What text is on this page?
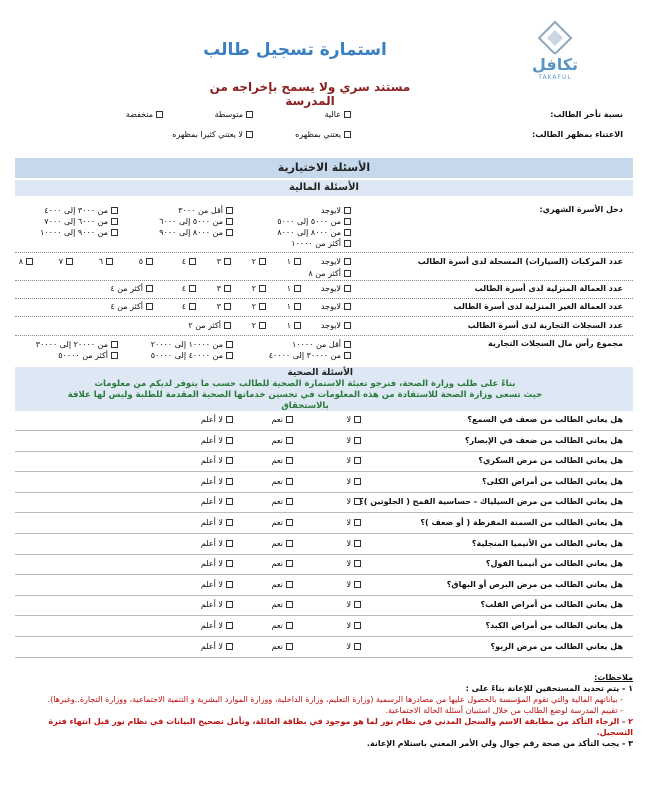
تكافل
TAKAFUL
استمارة تسجيل طالب
مستند سري ولا يسمح بإخراجه من المدرسة
نسبة تأخر الطالب:
عالية
متوسطة
منخفضة
الاعتناء بمظهر الطالب:
يعتني بمظهره
لا يعتني كثيرا بمظهره
الأسئلة الاختيارية
الأسئلة المالية
دخل الأسرة الشهري:
لايوجد
من ٥٠٠٠ إلى ٥٠٠٠
من ٨٠٠٠ إلى ٨٠٠٠
أكثر من ١٠٠٠٠
أقل من ٣٠٠٠
من ٥٠٠٠ إلى ٦٠٠٠
من ٨٠٠٠ إلى ٩٠٠٠
من ٣٠٠٠ إلى ٤٠٠٠
من ٦٠٠٠ إلى ٧٠٠٠
من ٩٠٠٠ إلى ١٠٠٠٠
عدد المركبات (السيارات) المسجلة لدى أسرة الطالب
لايوجد
١
٢
٣
٤
٥
٦
٧
٨
أكثر من ٨
عدد العمالة المنزلية لدى أسرة الطالب
لايوجد
١
٢
٣
٤
أكثر من ٤
عدد العمالة الغير المنزلية لدى أسرة الطالب
لايوجد
١
٢
٣
٤
أكثر من ٤
عدد السجلات التجارية لدى أسرة الطالب
لايوجد
١
٢
أكثر من ٢
مجموع رأس مال السجلات التجارية
أقل من ١٠٠٠٠
من ٣٠٠٠٠ إلى ٤٠٠٠٠
من ١٠٠٠٠ إلى ٢٠٠٠٠
من ٤٠٠٠٠ إلى ٥٠٠٠٠
من ٢٠٠٠٠ إلى ٣٠٠٠٠
أكثر من ٥٠٠٠٠
الأسئلة الصحية
بناءً على طلب وزارة الصحة، فنرجو تعبئة الاستمارة الصحية للطالب حسب ما يتوفر لديكم من معلومات
حيث تسعى وزارة الصحة للاستفادة من هذه المعلومات في تحسين خدماتها الصحية المقدمة للطلبة وليس لها علاقة بالاستحقاق
هل يعاني الطالب من ضعف في السمع؟
لا
نعم
لا أعلم
هل يعاني الطالب من ضعف في الإبصار؟
لا
نعم
لا أعلم
هل يعاني الطالب من مرض السكري؟
لا
نعم
لا أعلم
هل يعاني الطالب من أمراض الكلى؟
لا
نعم
لا أعلم
هل يعاني الطالب من مرض السيلياك - حساسية القمح ( الجلوتين )؟
لا
نعم
لا أعلم
هل يعاني الطالب من السمنة المفرطة ( أو ضعف )؟
لا
نعم
لا أعلم
هل يعاني الطالب من الأنيميا المنجلية؟
لا
نعم
لا أعلم
هل يعاني الطالب من أنيميا الفول؟
لا
نعم
لا أعلم
هل يعاني الطالب من مرض البرص أو البهاق؟
لا
نعم
لا أعلم
هل يعاني الطالب من أمراض القلب؟
لا
نعم
لا أعلم
هل يعاني الطالب من أمراض الكبد؟
لا
نعم
لا أعلم
هل يعاني الطالب من مرض الربو؟
لا
نعم
لا أعلم
ملاحظات:
١ - يتم تحديد المستحقين للإعانة بناءً على :
- بياناتهم المالية والتي تقوم المؤسسة بالحصول عليها من مصادرها الرسمية (وزارة التعليم، وزارة الداخلية، ووزارة الموارد البشرية و التنمية الاجتماعية، ووزارة التجارة..وغيرها).
- تقييم المدرسة لوضع الطالب من خلال استبيان أسئلة الحالة الاجتماعية.
٢ - الرجاء التأكد من مطابقة الاسم والسجل المدني في نظام نور لما هو موجود في بطاقة العائلة، ونأمل تصحيح البيانات في نظام نور قبل انتهاء فترة التسجيل.
٣ - يجب التأكد من صحة رقم جوال ولي الأمر المعني باستلام الإعانة.
